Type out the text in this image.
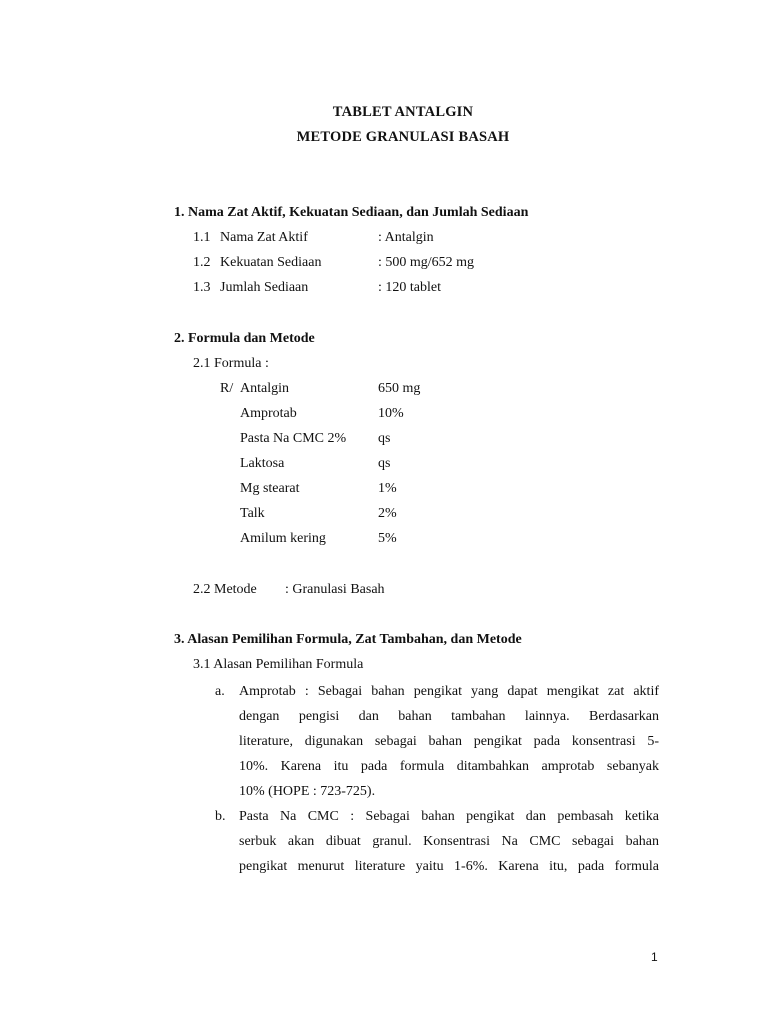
TABLET ANTALGIN
METODE GRANULASI BASAH
1. Nama Zat Aktif, Kekuatan Sediaan, dan Jumlah Sediaan
1.1 Nama Zat Aktif	: Antalgin
1.2 Kekuatan Sediaan	: 500 mg/652 mg
1.3 Jumlah Sediaan	: 120 tablet
2. Formula dan Metode
2.1 Formula :
R/ Antalgin	650 mg
Amprotab	10%
Pasta Na CMC 2% qs
Laktosa	qs
Mg stearat	1%
Talk	2%
Amilum kering	5%
2.2 Metode : Granulasi Basah
3. Alasan Pemilihan Formula, Zat Tambahan, dan Metode
3.1 Alasan Pemilihan Formula
a. Amprotab : Sebagai bahan pengikat yang dapat mengikat zat aktif
dengan pengisi dan bahan tambahan lainnya. Berdasarkan
literature, digunakan sebagai bahan pengikat pada konsentrasi 5-
10%. Karena itu pada formula ditambahkan amprotab sebanyak
10% (HOPE : 723-725).
b. Pasta Na CMC : Sebagai bahan pengikat dan pembasah ketika
serbuk akan dibuat granul. Konsentrasi Na CMC sebagai bahan
pengikat menurut literature yaitu 1-6%. Karena itu, pada formula
1
